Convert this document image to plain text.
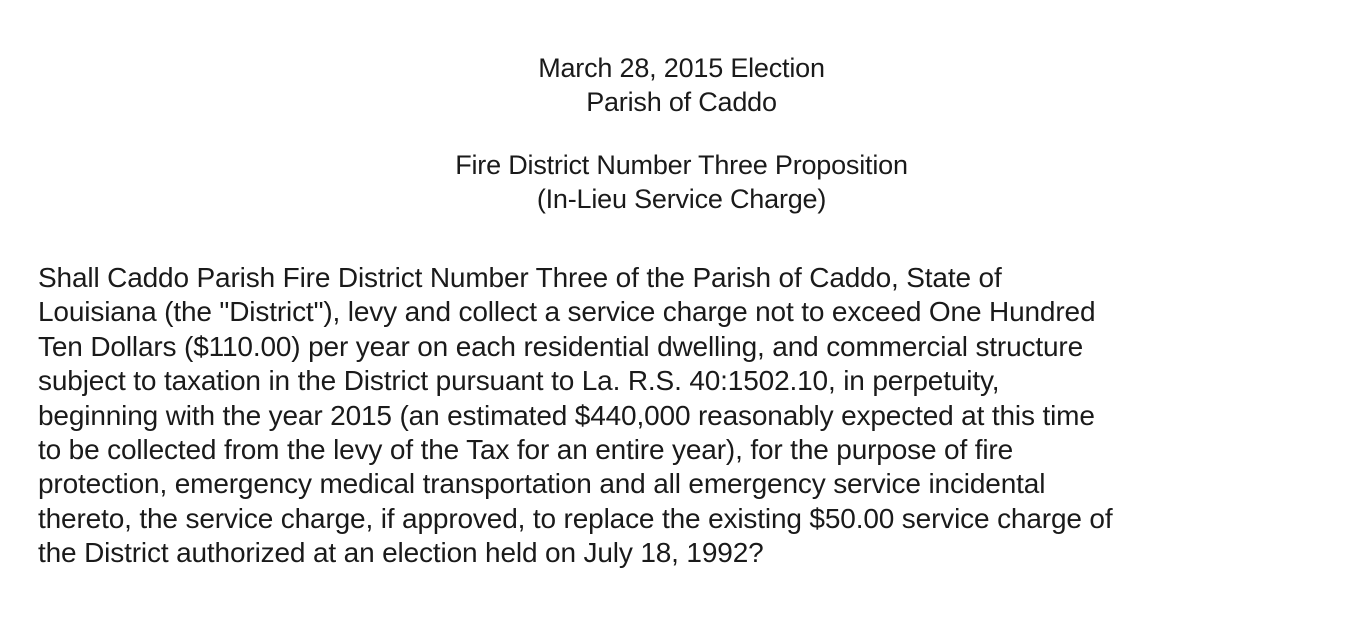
March 28, 2015 Election
Parish of Caddo
Fire District Number Three Proposition
(In-Lieu Service Charge)
Shall Caddo Parish Fire District Number Three of the Parish of Caddo, State of
Louisiana (the "District"), levy and collect a service charge not to exceed One Hundred
Ten Dollars ($110.00) per year on each residential dwelling, and commercial structure
subject to taxation in the District pursuant to La. R.S. 40:1502.10, in perpetuity,
beginning with the year 2015 (an estimated $440,000 reasonably expected at this time
to be collected from the levy of the Tax for an entire year), for the purpose of fire
protection, emergency medical transportation and all emergency service incidental
thereto, the service charge, if approved, to replace the existing $50.00 service charge of
the District authorized at an election held on July 18, 1992?
